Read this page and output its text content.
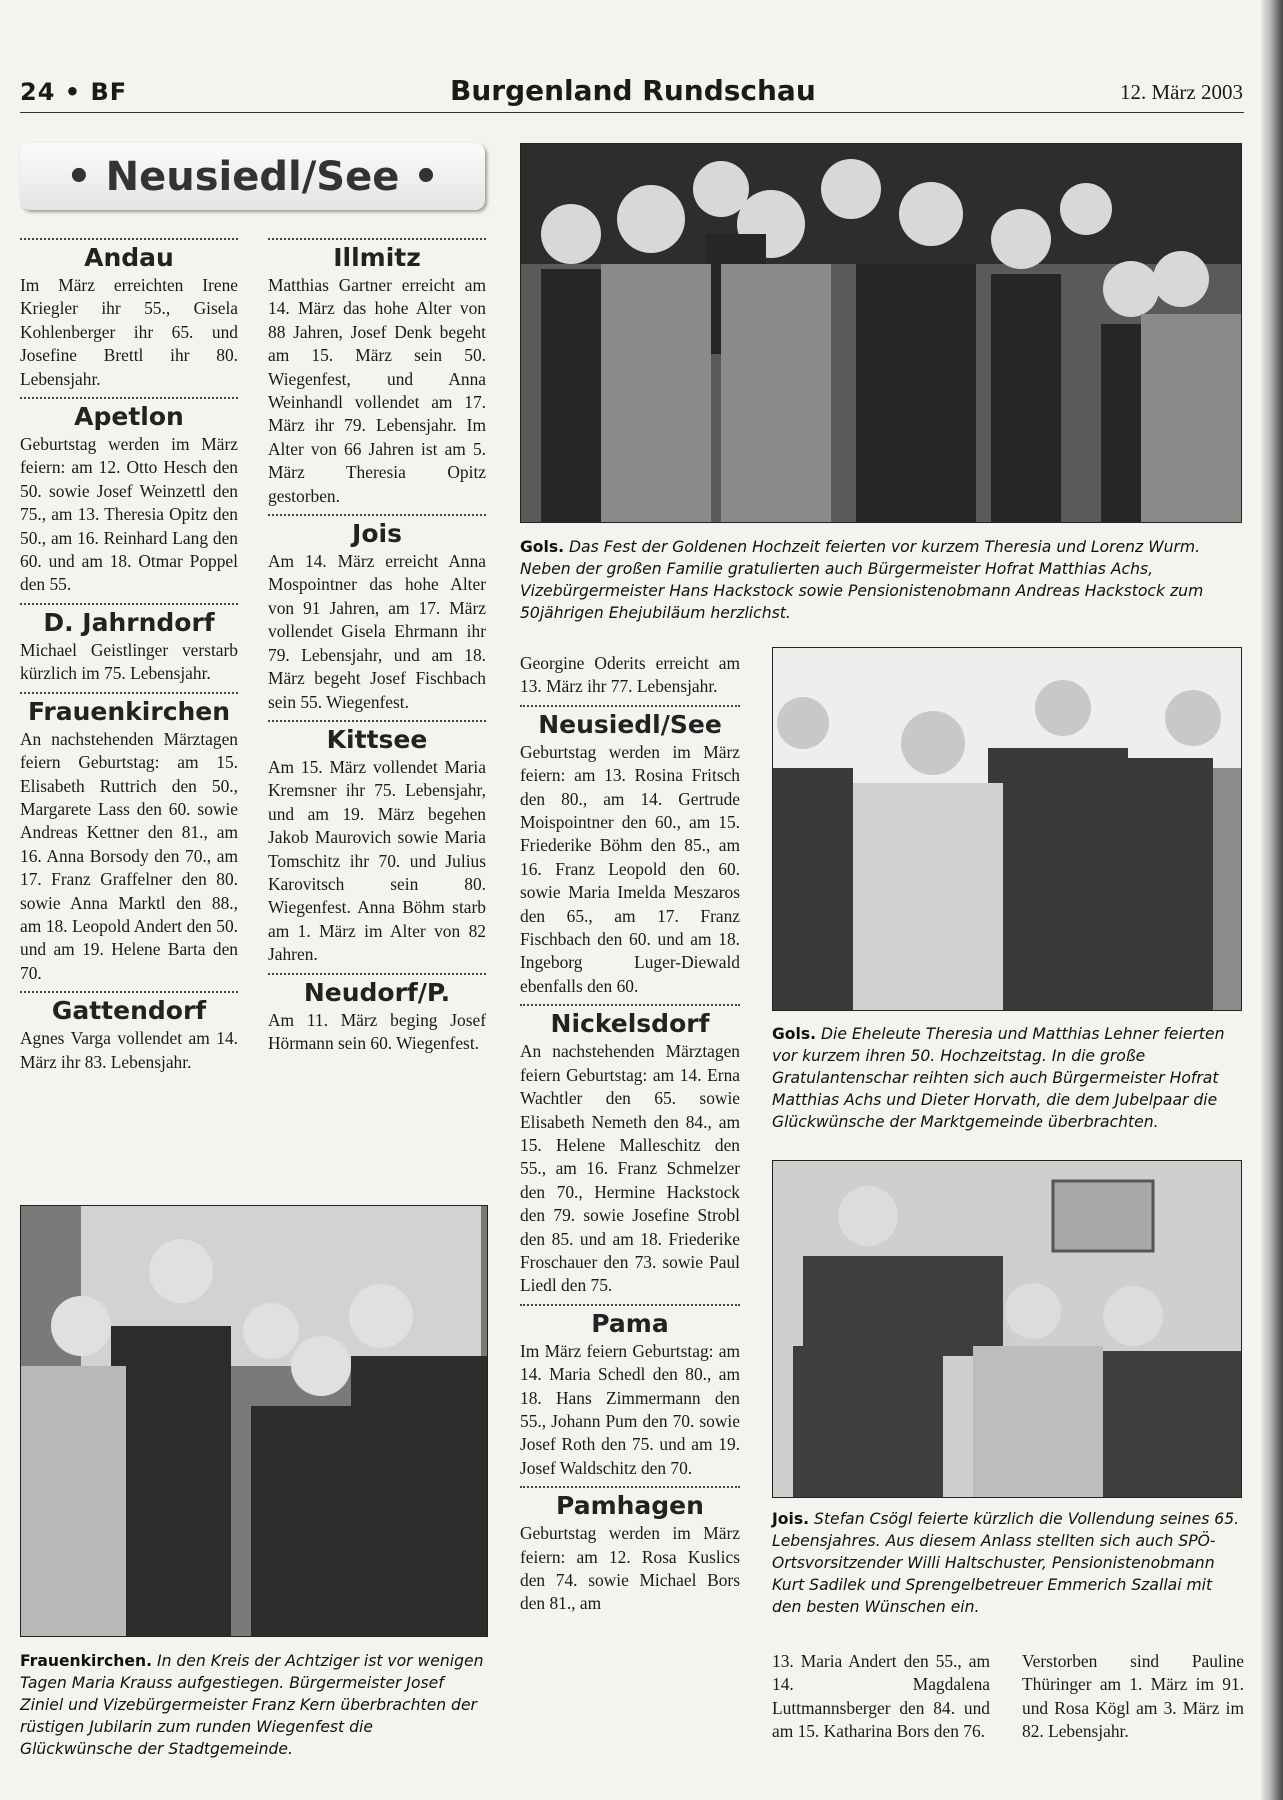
24 • BF	Burgenland Rundschau	12. März 2003
• Neusiedl/See •
Andau

Im März erreichten Irene Kriegler ihr 55., Gisela Kohlenberger ihr 65. und Josefine Brettl ihr 80. Lebensjahr.

Apetlon

Geburtstag werden im März feiern: am 12. Otto Hesch den 50. sowie Josef Weinzettl den 75., am 13. Theresia Opitz den 50., am 16. Reinhard Lang den 60. und am 18. Otmar Poppel den 55.

D. Jahrndorf

Michael Geistlinger verstarb kürzlich im 75. Lebensjahr.

Frauenkirchen

An nachstehenden Märztagen feiern Geburtstag: am 15. Elisabeth Ruttrich den 50., Margarete Lass den 60. sowie Andreas Kettner den 81., am 16. Anna Borsody den 70., am 17. Franz Graffelner den 80. sowie Anna Marktl den 88., am 18. Leopold Andert den 50. und am 19. Helene Barta den 70.

Gattendorf

Agnes Varga vollendet am 14. März ihr 83. Lebensjahr.

Illmitz

Matthias Gartner erreicht am 14. März das hohe Alter von 88 Jahren, Josef Denk begeht am 15. März sein 50. Wiegenfest, und Anna Weinhandl vollendet am 17. März ihr 79. Lebensjahr. Im Alter von 66 Jahren ist am 5. März Theresia Opitz gestorben.

Jois

Am 14. März erreicht Anna Mospointner das hohe Alter von 91 Jahren, am 17. März vollendet Gisela Ehrmann ihr 79. Lebensjahr, und am 18. März begeht Josef Fischbach sein 55. Wiegenfest.

Kittsee

Am 15. März vollendet Maria Kremsner ihr 75. Lebensjahr, und am 19. März begehen Jakob Maurovich sowie Maria Tomschitz ihr 70. und Julius Karovitsch sein 80. Wiegenfest. Anna Böhm starb am 1. März im Alter von 82 Jahren.

Neudorf/P.

Am 11. März beging Josef Hörmann sein 60. Wiegenfest.

Gols. Das Fest der Goldenen Hochzeit feierten vor kurzem Theresia und Lorenz Wurm. Neben der großen Familie gratulierten auch Bürgermeister Hofrat Matthias Achs, Vizebürgermeister Hans Hackstock sowie Pensionistenobmann Andreas Hackstock zum 50jährigen Ehejubiläum herzlichst.

Georgine Oderits erreicht am 13. März ihr 77. Lebensjahr.

Neusiedl/See

Geburtstag werden im März feiern: am 13. Rosina Fritsch den 80., am 14. Gertrude Moispointner den 60., am 15. Friederike Böhm den 85., am 16. Franz Leopold den 60. sowie Maria Imelda Meszaros den 65., am 17. Franz Fischbach den 60. und am 18. Ingeborg Luger-Diewald ebenfalls den 60.

Nickelsdorf

An nachstehenden Märztagen feiern Geburtstag: am 14. Erna Wachtler den 65. sowie Elisabeth Nemeth den 84., am 15. Helene Malleschitz den 55., am 16. Franz Schmelzer den 70., Hermine Hackstock den 79. sowie Josefine Strobl den 85. und am 18. Friederike Froschauer den 73. sowie Paul Liedl den 75.

Pama

Im März feiern Geburtstag: am 14. Maria Schedl den 80., am 18. Hans Zimmermann den 55., Johann Pum den 70. sowie Josef Roth den 75. und am 19. Josef Waldschitz den 70.

Pamhagen

Geburtstag werden im März feiern: am 12. Rosa Kuslics den 74. sowie Michael Bors den 81., am

Gols. Die Eheleute Theresia und Matthias Lehner feierten vor kurzem ihren 50. Hochzeitstag. In die große Gratulantenschar reihten sich auch Bürgermeister Hofrat Matthias Achs und Dieter Horvath, die dem Jubelpaar die Glückwünsche der Marktgemeinde überbrachten.
Jois. Stefan Csögl feierte kürzlich die Vollendung seines 65. Lebensjahres. Aus diesem Anlass stellten sich auch SPÖ-Ortsvorsitzender Willi Haltschuster, Pensionistenobmann Kurt Sadilek und Sprengelbetreuer Emmerich Szallai mit den besten Wünschen ein.
Frauenkirchen. In den Kreis der Achtziger ist vor wenigen Tagen Maria Krauss aufgestiegen. Bürgermeister Josef Ziniel und Vizebürgermeister Franz Kern überbrachten der rüstigen Jubilarin zum runden Wiegenfest die Glückwünsche der Stadtgemeinde.

13. Maria Andert den 55., am 14. Magdalena Luttmannsberger den 84. und am 15. Katharina Bors den 76.

Verstorben sind Pauline Thüringer am 1. März im 91. und Rosa Kögl am 3. März im 82. Lebensjahr.
